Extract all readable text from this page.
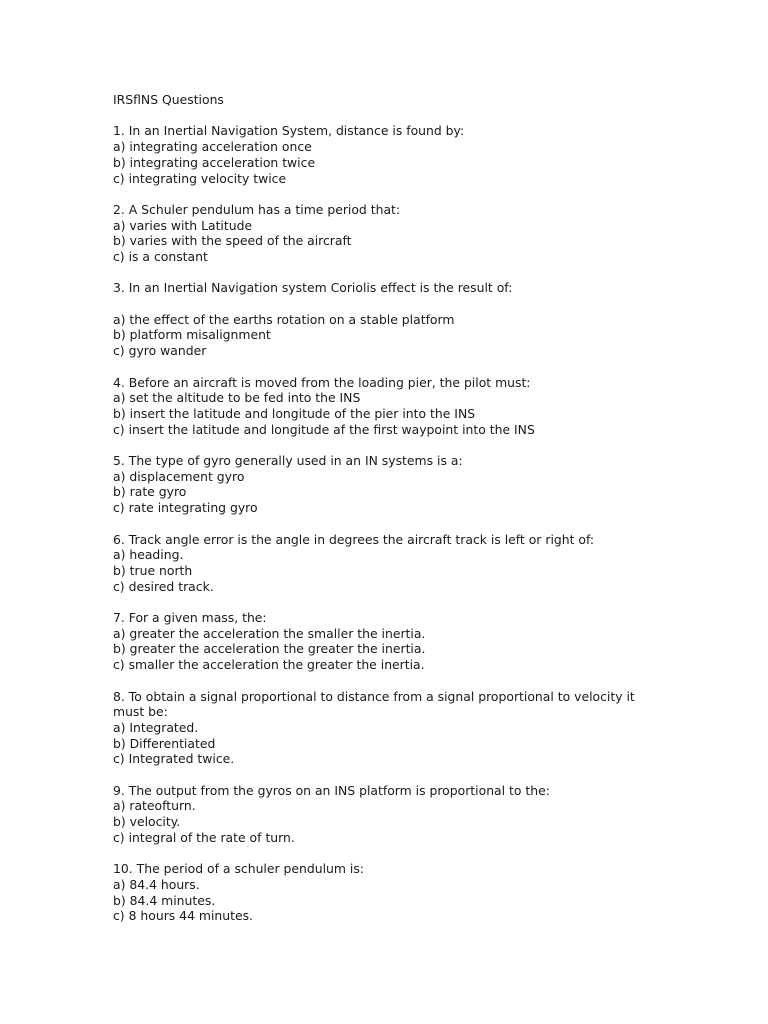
IRSflNS Questions
1. In an Inertial Navigation System, distance is found by:
a) integrating acceleration once
b) integrating acceleration twice
c) integrating velocity twice
2. A Schuler pendulum has a time period that:
a) varies with Latitude
b) varies with the speed of the aircraft
c) is a constant
3. In an Inertial Navigation system Coriolis effect is the result of:
a) the effect of the earths rotation on a stable platform
b) platform misalignment
c) gyro wander
4. Before an aircraft is moved from the loading pier, the pilot must:
a) set the altitude to be fed into the INS
b) insert the latitude and longitude of the pier into the INS
c) insert the latitude and longitude af the first waypoint into the INS
5. The type of gyro generally used in an IN systems is a:
a) displacement gyro
b) rate gyro
c) rate integrating gyro
6. Track angle error is the angle in degrees the aircraft track is left or right of:
a) heading.
b) true north
c) desired track.
7. For a given mass, the:
a) greater the acceleration the smaller the inertia.
b) greater the acceleration the greater the inertia.
c) smaller the acceleration the greater the inertia.
8. To obtain a signal proportional to distance from a signal proportional to velocity it must be:
a) Integrated.
b) Differentiated
c) Integrated twice.
9. The output from the gyros on an INS platform is proportional to the:
a) rateofturn.
b) velocity.
c) integral of the rate of turn.
10. The period of a schuler pendulum is:
a) 84.4 hours.
b) 84.4 minutes.
c) 8 hours 44 minutes.
